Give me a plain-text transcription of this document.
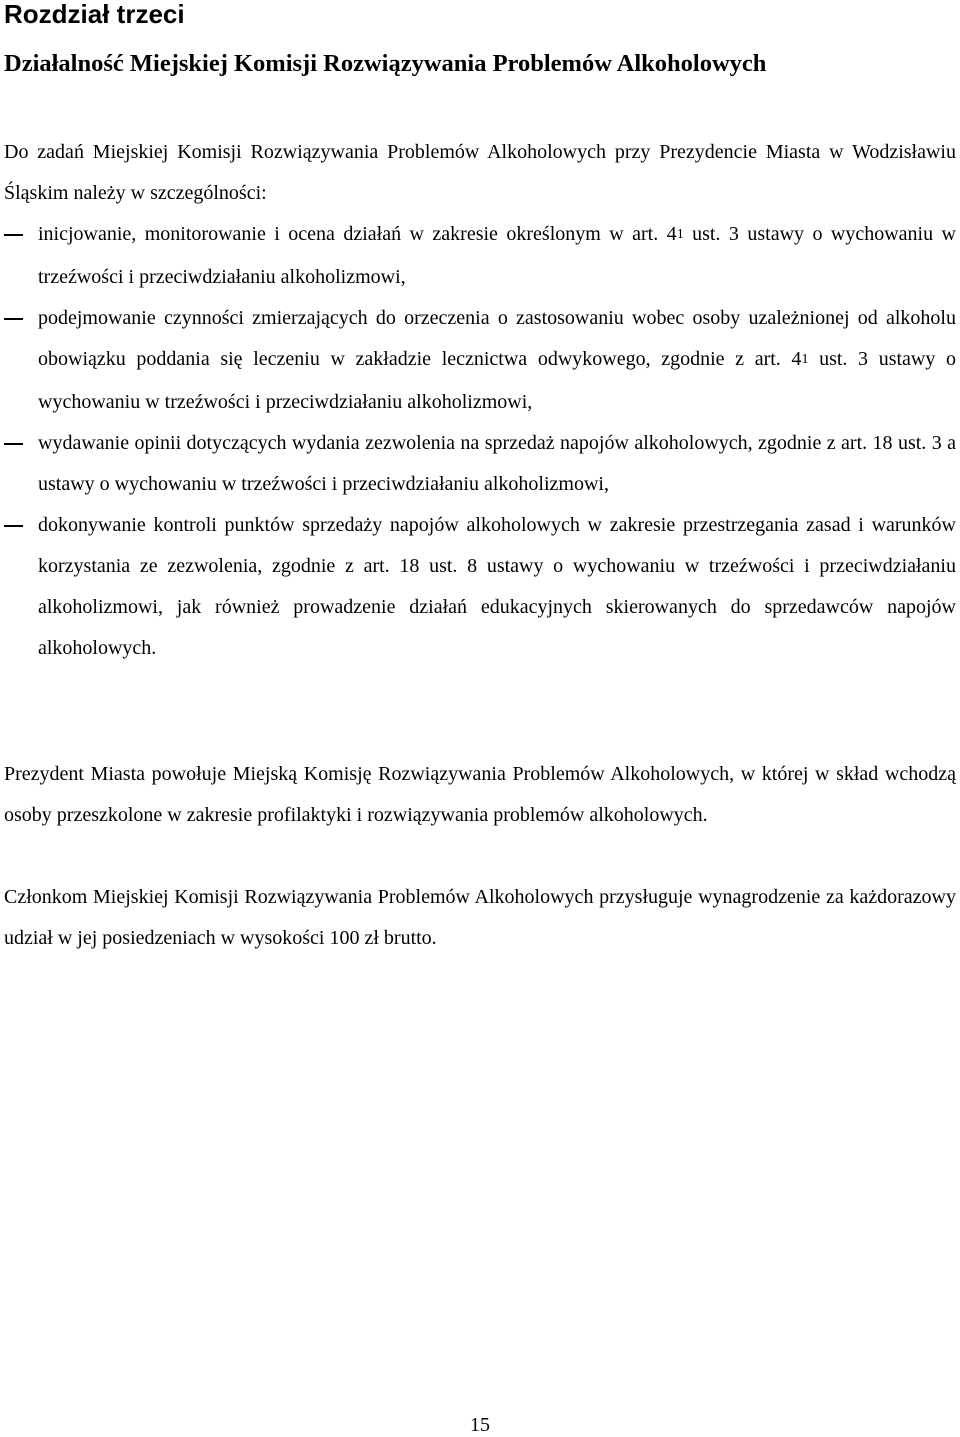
Rozdział trzeci
Działalność Miejskiej Komisji Rozwiązywania Problemów Alkoholowych

Do zadań Miejskiej Komisji Rozwiązywania Problemów Alkoholowych przy Prezydencie Miasta w Wodzisławiu Śląskim należy w szczególności:

inicjowanie, monitorowanie i ocena działań w zakresie określonym w art. 41 ust. 3 ustawy o wychowaniu w trzeźwości i przeciwdziałaniu alkoholizmowi,
podejmowanie czynności zmierzających do orzeczenia o zastosowaniu wobec osoby uzależnionej od alkoholu obowiązku poddania się leczeniu w zakładzie lecznictwa odwykowego, zgodnie z art. 41 ust. 3 ustawy o wychowaniu w trzeźwości i przeciwdziałaniu alkoholizmowi,
wydawanie opinii dotyczących wydania zezwolenia na sprzedaż napojów alkoholowych, zgodnie z art. 18 ust. 3 a ustawy o wychowaniu w trzeźwości i przeciwdziałaniu alkoholizmowi,
dokonywanie kontroli punktów sprzedaży napojów alkoholowych w zakresie przestrzegania zasad i warunków korzystania ze zezwolenia, zgodnie z art. 18 ust. 8 ustawy o wychowaniu w trzeźwości i przeciwdziałaniu alkoholizmowi, jak również prowadzenie działań edukacyjnych skierowanych do sprzedawców napojów alkoholowych.

Prezydent Miasta powołuje Miejską Komisję Rozwiązywania Problemów Alkoholowych, w której w skład wchodzą osoby przeszkolone w zakresie profilaktyki i rozwiązywania problemów alkoholowych.

Członkom Miejskiej Komisji Rozwiązywania Problemów Alkoholowych przysługuje wynagrodzenie za każdorazowy udział w jej posiedzeniach w wysokości 100 zł brutto.

15
